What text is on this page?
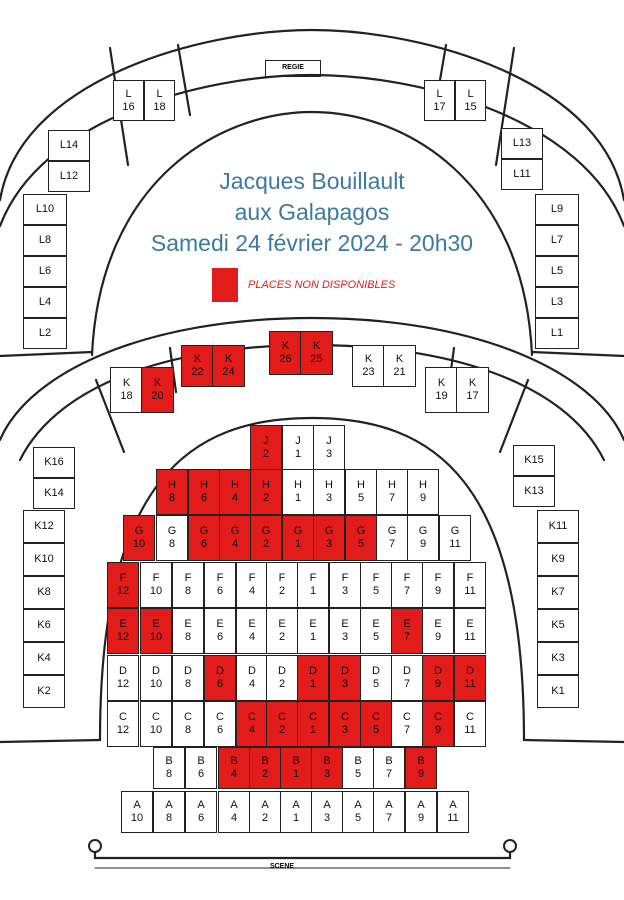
REGIE
SCENE
Jacques Bouillault
aux Galapagos
Samedi 24 février 2024 - 20h30
PLACES NON DISPONIBLES
L
16
L
18
L
17
L
15
L14
L12
L13
L11
L10
L8
L6
L4
L2
L9
L7
L5
L3
L1
K
22
K
24
K
26
K
25	K
23
K
21
K
18
K
20
K
19
K
17
K16
K14
K15
K13
K12
K10
K8
K6
K4
K2
K11
K9
K7
K5
K3
K1
J
2
J
1
J
3
H
8
H
6
H
4
H
2
H
1
H
3
H
5
H
7
H
9
G
10
G
8
G
6
G
4
G
2
G
1
G
3
G
5
G
7
G
9
G
11
F
12
F
10
F
8
F
6
F
4
F
2
F
1
F
3
F
5
F
7
F
9
F
11
E
12
E
10
E
8
E
6
E
4
E
2
E
1
E
3
E
5
E
7
E
9
E
11
D
12
D
10
D
8
D
6
D
4
D
2
D
1
D
3
D
5
D
7
D
9
D
11
C
12
C
10
C
8
C
6
C
4
C
2
C
1
C
3
C
5
C
7
C
9
C
11
B
8
B
6
B
4
B
2
B
1
B
3
B
5
B
7
B
9
A
10
A
8
A
6
A
4
A
2
A
1
A
3
A
5
A
7
A
9
A
11
